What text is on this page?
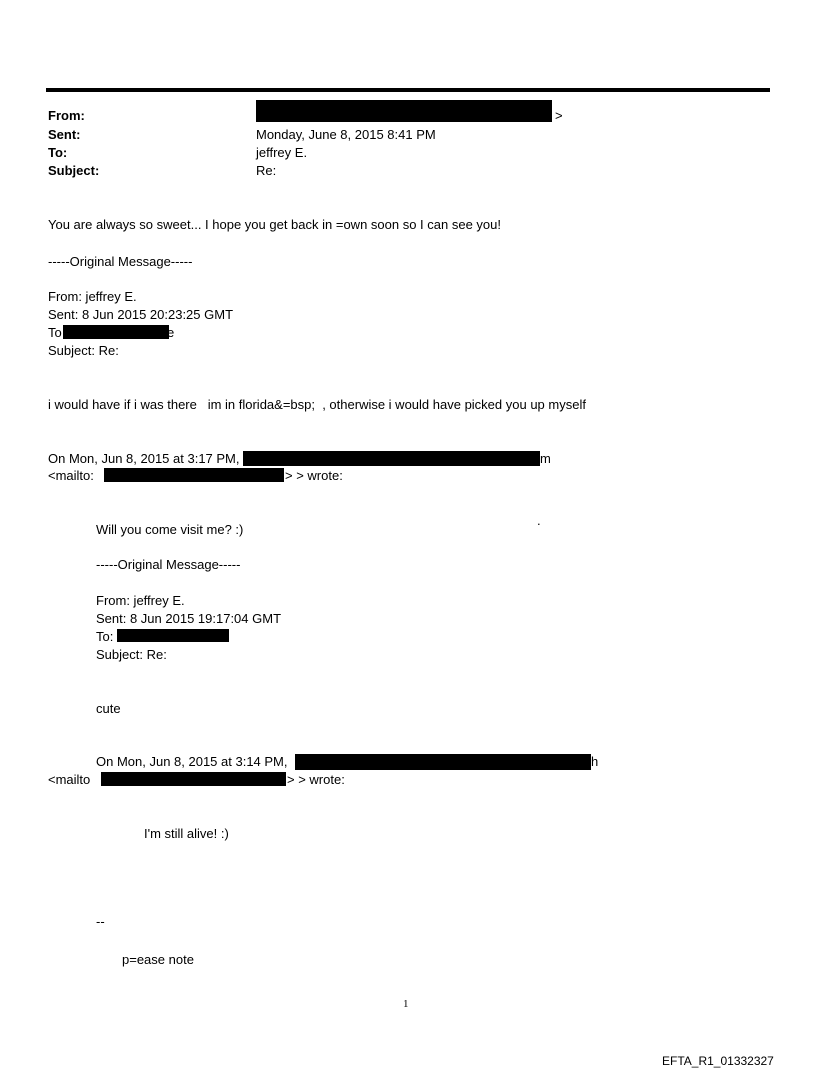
From:	>
Sent:	Monday, June 8, 2015 8:41 PM
To:	jeffrey E.
Subject:	Re:
You are always so sweet... I hope you get back in =own soon so I can see you!
-----Original Message-----
From: jeffrey E.
Sent: 8 Jun 2015 20:23:25 GMT
To	e
Subject: Re:
i would have if i was there   im in florida&=bsp;  , otherwise i would have picked you up myself
On Mon, Jun 8, 2015 at 3:17 PM,	m
<mailto:	> > wrote:
Will you come visit me? :)
.
-----Original Message-----
From: jeffrey E.
Sent: 8 Jun 2015 19:17:04 GMT
To:
Subject: Re:
cute
On Mon, Jun 8, 2015 at 3:14 PM,	h
<mailto	> > wrote:
I'm still alive! :)
--
p=ease note
1
EFTA_R1_01332327
